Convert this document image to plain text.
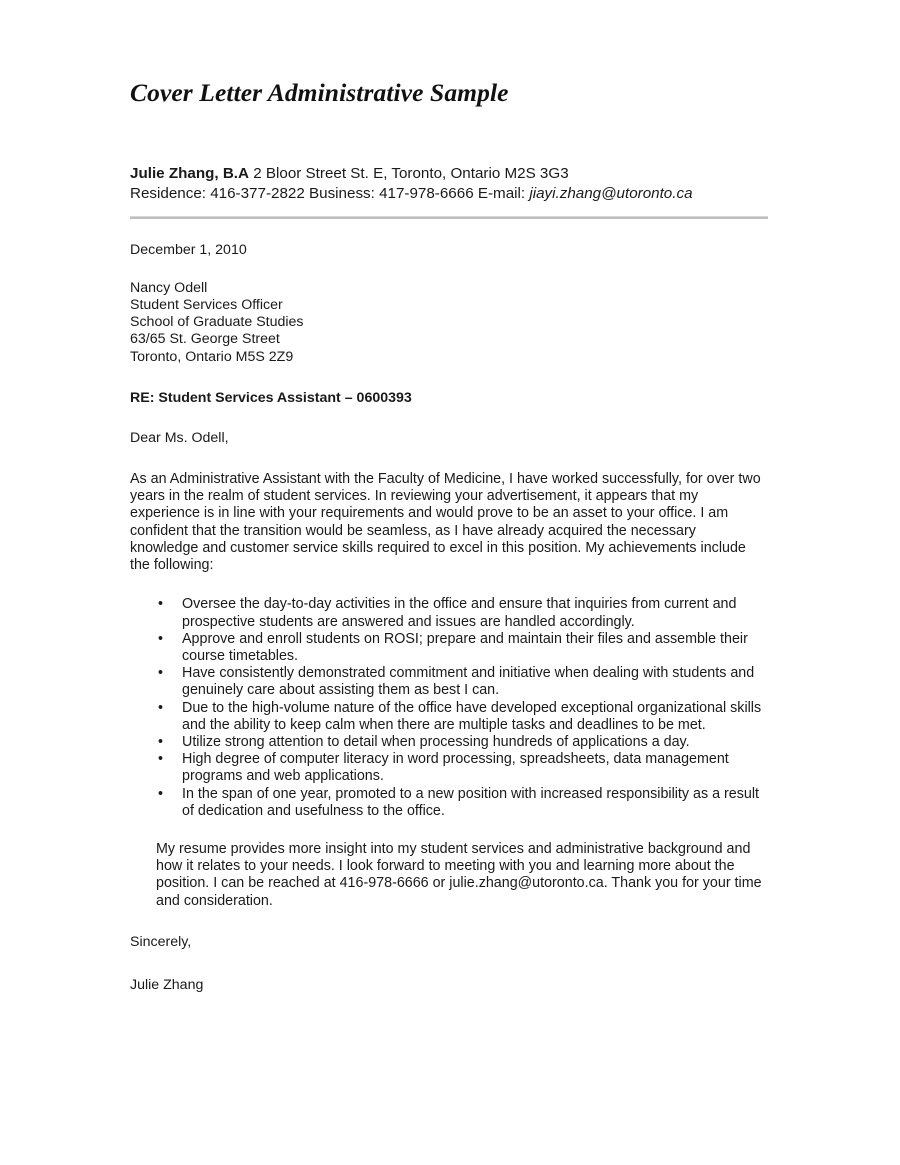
Cover Letter Administrative Sample
Julie Zhang, B.A 2 Bloor Street St. E, Toronto, Ontario M2S 3G3
Residence: 416-377-2822 Business: 417-978-6666 E-mail: jiayi.zhang@utoronto.ca
December 1, 2010
Nancy Odell
Student Services Officer
School of Graduate Studies
63/65 St. George Street
Toronto, Ontario M5S 2Z9
RE: Student Services Assistant – 0600393
Dear Ms. Odell,

As an Administrative Assistant with the Faculty of Medicine, I have worked successfully, for over two years in the realm of student services. In reviewing your advertisement, it appears that my experience is in line with your requirements and would prove to be an asset to your office. I am confident that the transition would be seamless, as I have already acquired the necessary knowledge and customer service skills required to excel in this position. My achievements include the following:

• Oversee the day-to-day activities in the office and ensure that inquiries from current and prospective students are answered and issues are handled accordingly.
• Approve and enroll students on ROSI; prepare and maintain their files and assemble their course timetables.
• Have consistently demonstrated commitment and initiative when dealing with students and genuinely care about assisting them as best I can.
• Due to the high-volume nature of the office have developed exceptional organizational skills and the ability to keep calm when there are multiple tasks and deadlines to be met.
• Utilize strong attention to detail when processing hundreds of applications a day.
• High degree of computer literacy in word processing, spreadsheets, data management programs and web applications.
• In the span of one year, promoted to a new position with increased responsibility as a result of dedication and usefulness to the office.

My resume provides more insight into my student services and administrative background and how it relates to your needs. I look forward to meeting with you and learning more about the position. I can be reached at 416-978-6666 or julie.zhang@utoronto.ca. Thank you for your time and consideration.

Sincerely,
Julie Zhang
